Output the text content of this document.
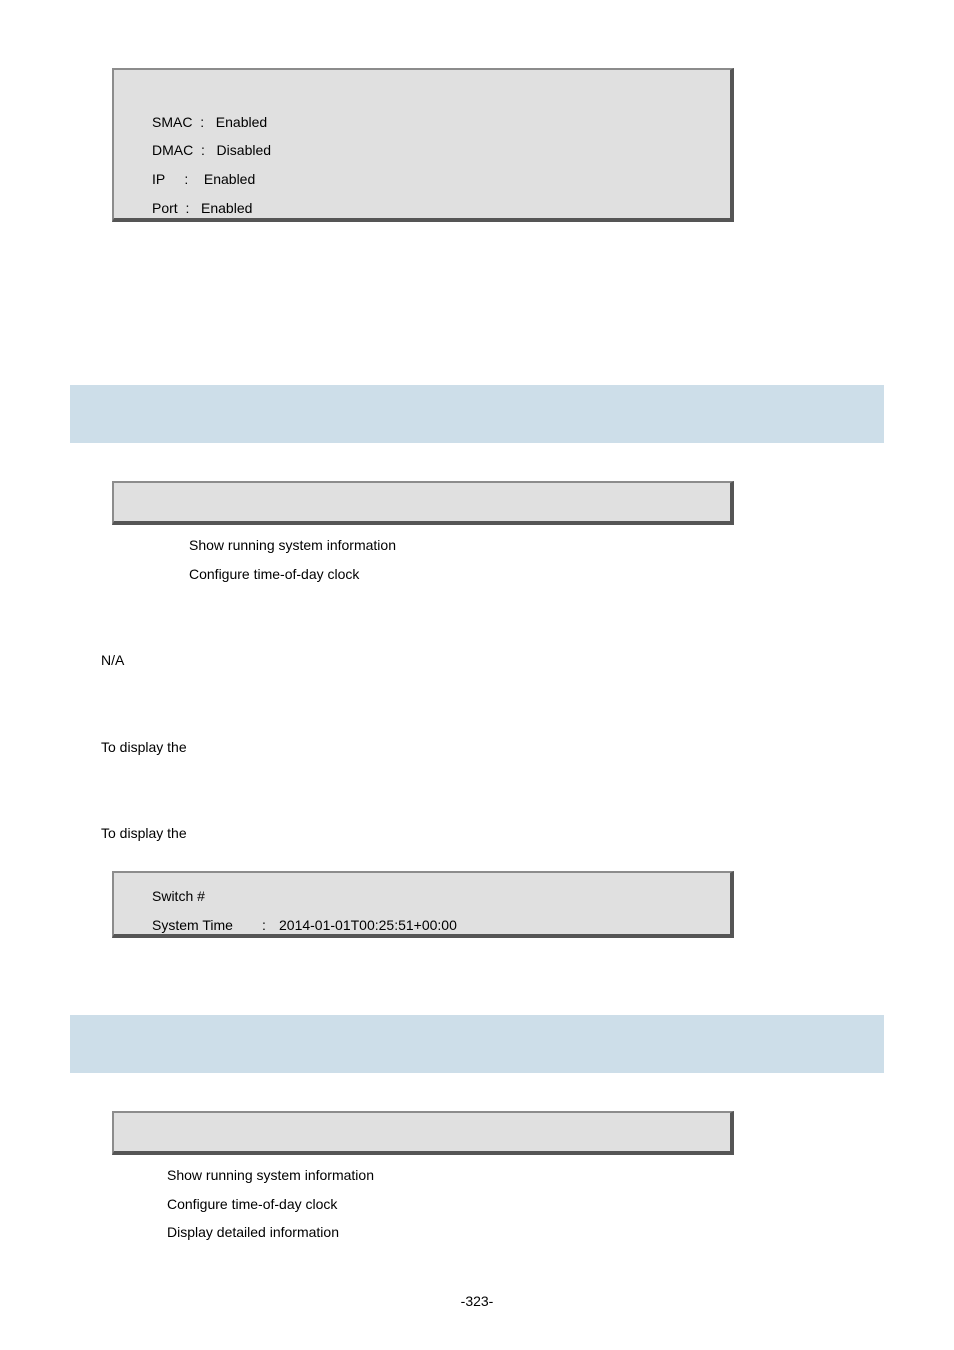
SMAC  :   Enabled
DMAC  :   Disabled
IP     :    Enabled
Port  :   Enabled
Show running system information
Configure time-of-day clock
N/A
To display the
To display the
Switch #
System Time : 2014-01-01T00:25:51+00:00
Show running system information
Configure time-of-day clock
Display detailed information
-323-
